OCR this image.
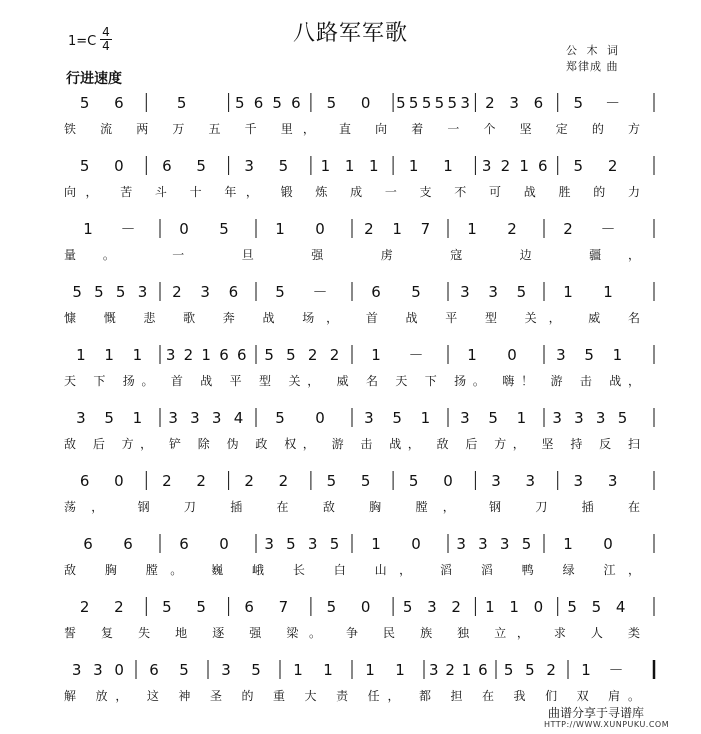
八路军军歌
1=C
4
4	公 木 词
郑律成 曲
行进速度
5 6	5	5 6 5 6 5 0 5 5 5 5 5 3 2 3 6 5 －
铁 流 两 万 五 千 里， 直 向 着 一 个 坚 定 的 方
5 0	6 5	3 5 1 1 1 1 1 3 2 1 6 5 2
向， 苦 斗 十 年， 锻 炼 成 一 支 不 可 战 胜 的 力
1 －	0 5	1 0	2 1 7 1 2	2 －
量。 一 旦 强 虏 寇 边 疆，
5 5 5 3 2 3 6 5 －	6 5	3 3 5 1 1
慷 慨 悲 歌 奔 战 场， 首 战 平 型 关， 威 名
1 1 1 3 2 1 6 6 5 5 2 2 1 －	1 0	3 5 1
天 下 扬。 首 战 平 型 关， 威 名 天 下 扬。 嗨！ 游 击 战，
3 5 1 3 3 3 4 5 0	3 5 1 3 5 1 3 3 3 5
敌 后 方， 铲 除 伪 政 权， 游 击 战， 敌 后 方， 坚 持 反 扫
6 0	2 2	2 2	5 5	5 0	3 3	3 3
荡， 钢 刀 插 在 敌 胸 膛， 钢 刀 插 在
6 6	6 0 3 5 3 5 1 0 3 3 3 5 1 0
敌 胸 膛。 巍 峨 长 白 山， 滔 滔 鸭 绿 江，
2 2	5 5	6 7	5 0 5 3 2 1 1 0 5 5 4
誓 复 失 地 逐 强 梁。 争 民 族 独 立， 求 人 类
3 3 0 6 5 3 5 1 1 1 1 3 2 1 6 5 5 2 1 －
解 放， 这 神 圣 的 重 大 责 任， 都 担 在 我 们 双 肩。
曲谱分享于寻谱库
HTTP://WWW.XUNPUKU.COM
